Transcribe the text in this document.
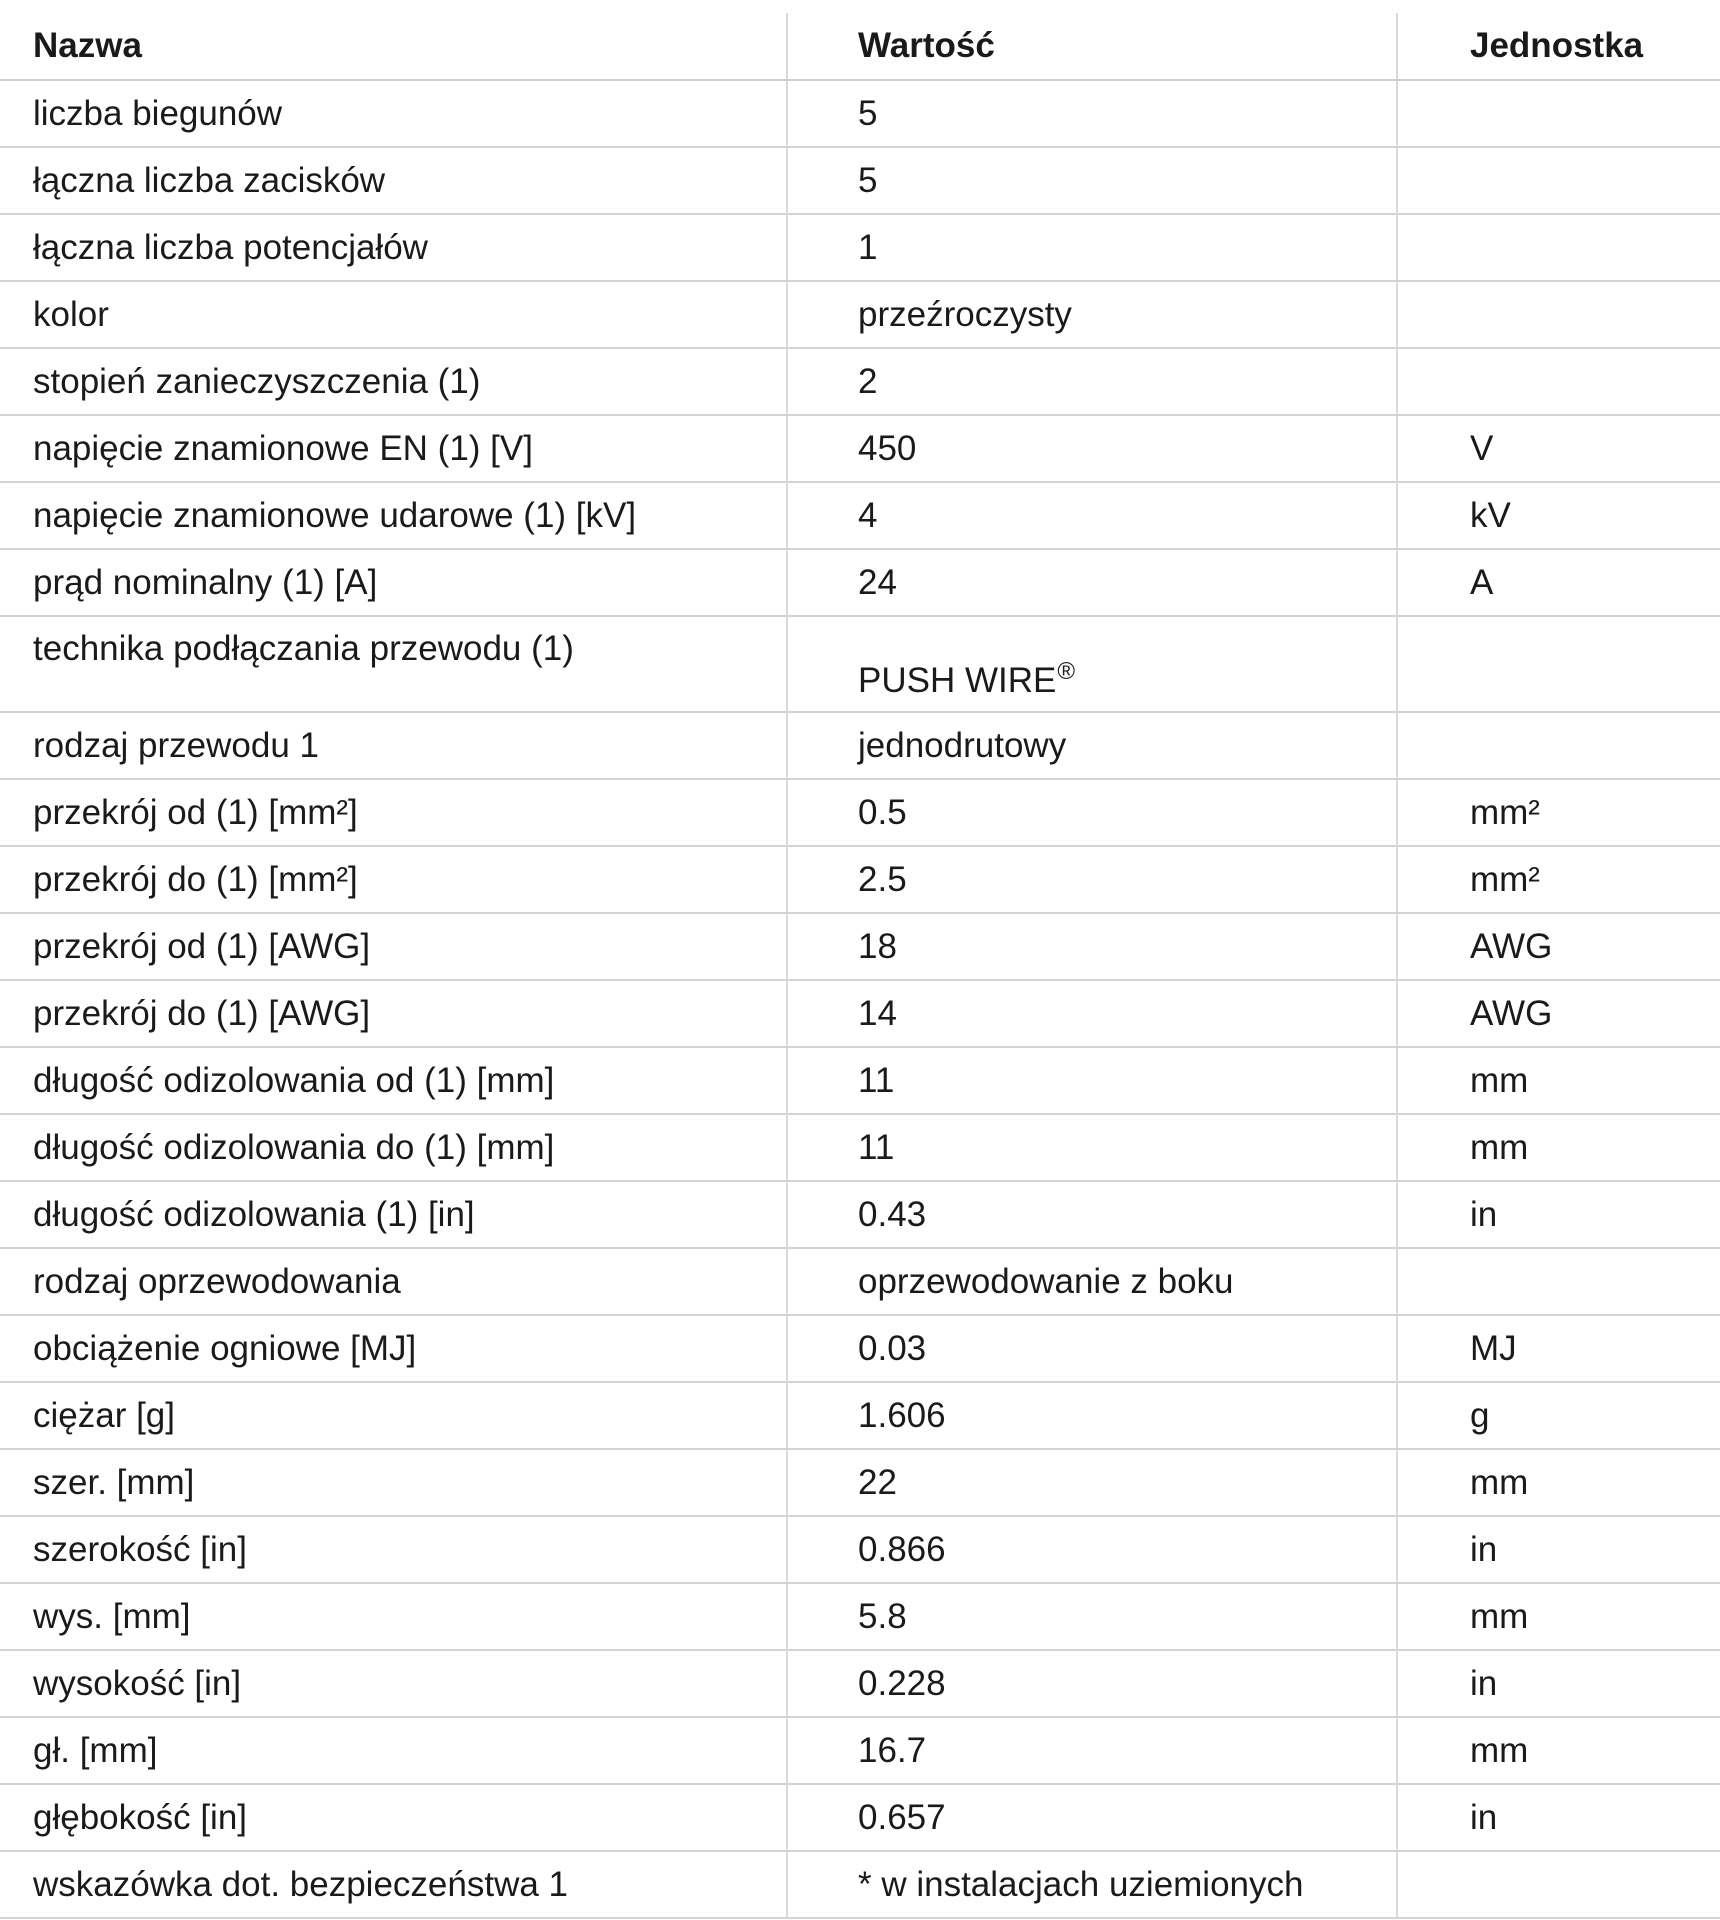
Nazwa	Wartość	Jednostka
liczba biegunów	5	
łączna liczba zacisków	5	
łączna liczba potencjałów	1	
kolor	przeźroczysty	
stopień zanieczyszczenia (1)	2	
napięcie znamionowe EN (1) [V]	450	V
napięcie znamionowe udarowe (1) [kV]	4	kV
prąd nominalny (1) [A]	24	A
technika podłączania przewodu (1)	PUSH WIRE®	
rodzaj przewodu 1	jednodrutowy	
przekrój od (1) [mm²]	0.5	mm²
przekrój do (1) [mm²]	2.5	mm²
przekrój od (1) [AWG]	18	AWG
przekrój do (1) [AWG]	14	AWG
długość odizolowania od (1) [mm]	11	mm
długość odizolowania do (1) [mm]	11	mm
długość odizolowania (1) [in]	0.43	in
rodzaj oprzewodowania	oprzewodowanie z boku	
obciążenie ogniowe [MJ]	0.03	MJ
ciężar [g]	1.606	g
szer. [mm]	22	mm
szerokość [in]	0.866	in
wys. [mm]	5.8	mm
wysokość [in]	0.228	in
gł. [mm]	16.7	mm
głębokość [in]	0.657	in
wskazówka dot. bezpieczeństwa 1	* w instalacjach uziemionych	
